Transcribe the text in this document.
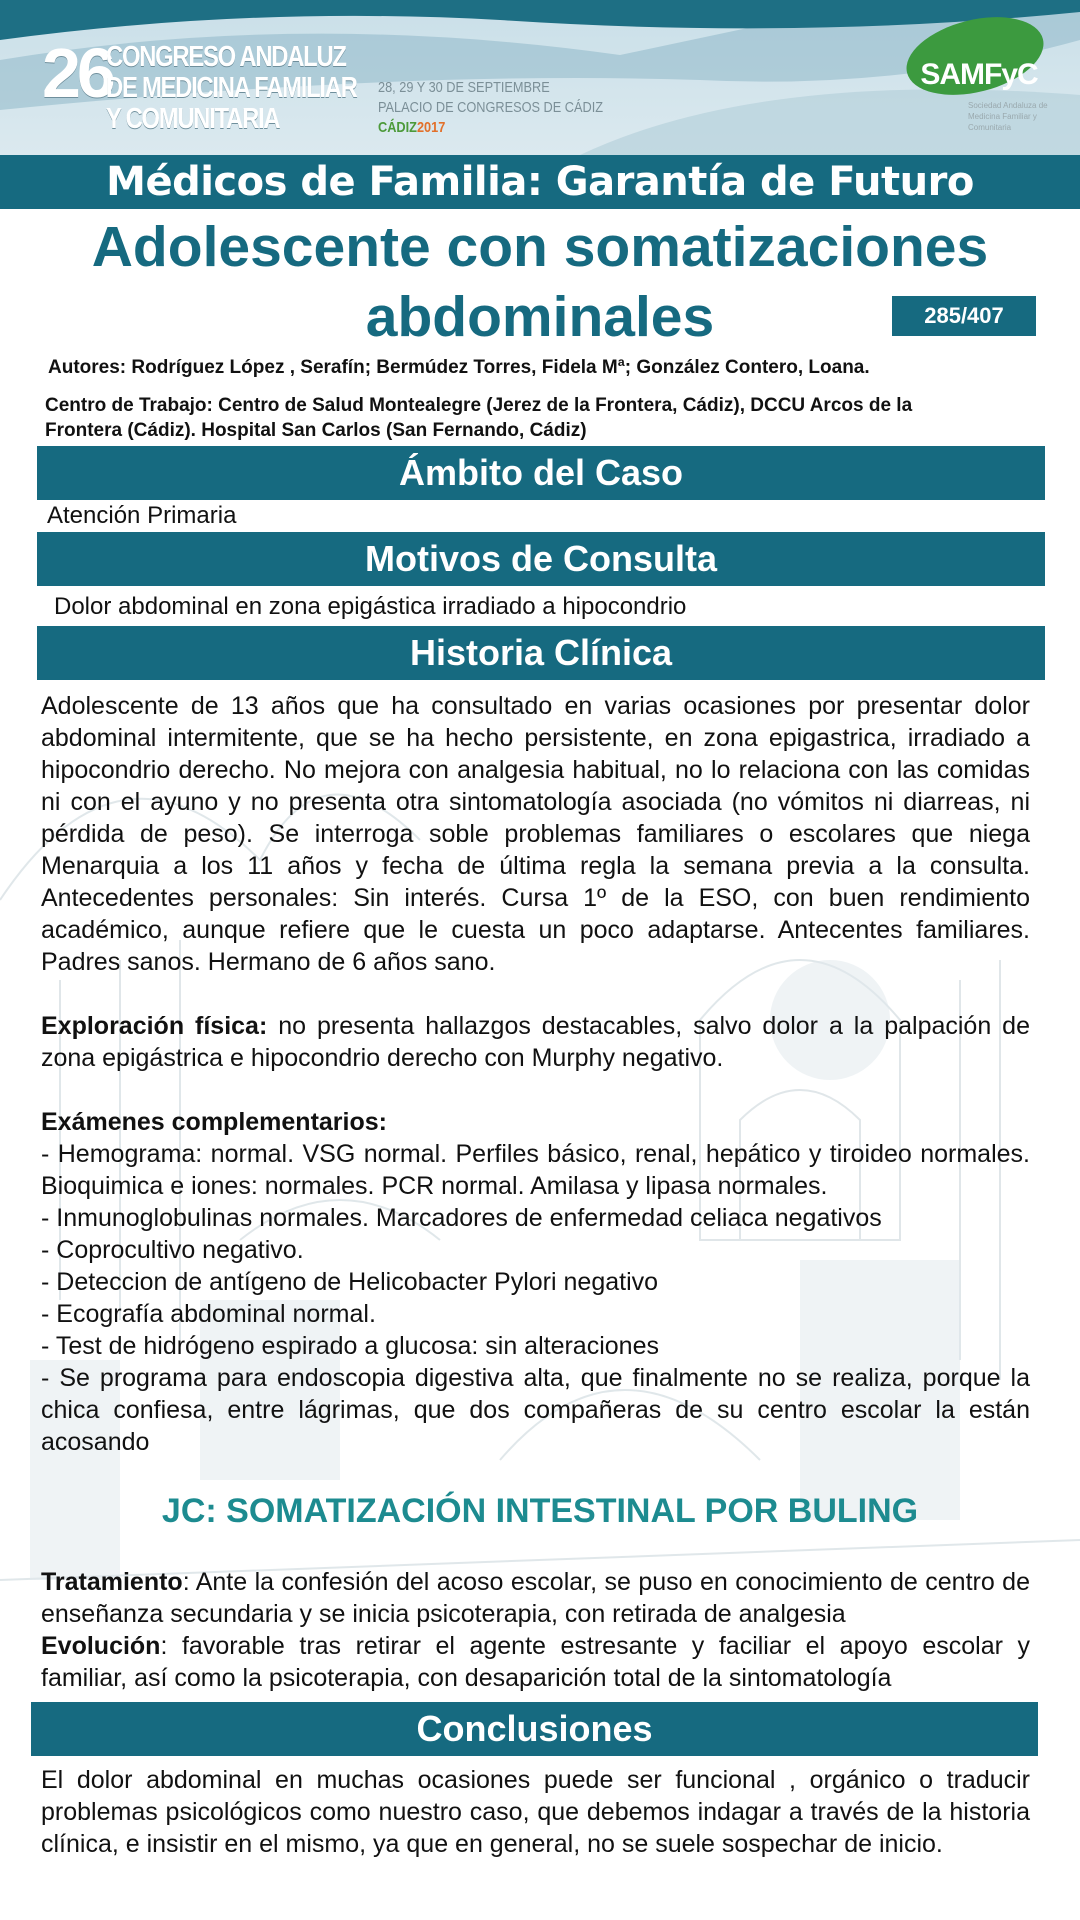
26
CONGRESO ANDALUZ
DE MEDICINA FAMILIAR
Y COMUNITARIA
28, 29 Y 30 DE SEPTIEMBRE
PALACIO DE CONGRESOS DE CÁDIZ
CÁDIZ2017
SAMFyC
Sociedad Andaluza de Medicina Familiar y Comunitaria
Médicos de Familia: Garantía de Futuro
Adolescente con somatizaciones
abdominales	285/407
Autores: Rodríguez López , Serafín; Bermúdez Torres, Fidela Mª; González Contero, Loana.
Centro de Trabajo: Centro de Salud Montealegre (Jerez de la Frontera, Cádiz), DCCU Arcos de la
Frontera (Cádiz). Hospital San Carlos (San Fernando, Cádiz)
Ámbito del Caso
Atención Primaria
Motivos de Consulta
Dolor abdominal en zona epigástica irradiado a hipocondrio
Historia Clínica

Adolescente de 13 años que ha consultado en varias ocasiones por presentar dolor abdominal intermitente, que se ha hecho persistente, en zona epigastrica, irradiado a hipocondrio derecho. No mejora con analgesia habitual, no lo relaciona con las comidas ni con el ayuno y no presenta otra sintomatología asociada (no vómitos ni diarreas, ni pérdida de peso). Se interroga soble problemas familiares o escolares que niega Menarquia a los 11 años y fecha de última regla la semana previa a la consulta. Antecedentes personales: Sin interés. Cursa 1º de la ESO, con buen rendimiento académico, aunque refiere que le cuesta un poco adaptarse. Antecentes familiares. Padres sanos. Hermano de 6 años sano.

Exploración física: no presenta hallazgos destacables, salvo dolor a la palpación de zona epigástrica e hipocondrio derecho con Murphy negativo.

Exámenes complementarios:

- Hemograma: normal. VSG normal. Perfiles básico, renal, hepático y tiroideo normales. Bioquimica e iones: normales. PCR normal. Amilasa y lipasa normales.

- Inmunoglobulinas normales. Marcadores de enfermedad celiaca negativos

- Coprocultivo negativo.

- Deteccion de antígeno de Helicobacter Pylori negativo

- Ecografía abdominal normal.

- Test de hidrógeno espirado a glucosa: sin alteraciones

- Se programa para endoscopia digestiva alta, que finalmente no se realiza, porque la chica confiesa, entre lágrimas, que dos compañeras de su centro escolar la están acosando

JC: SOMATIZACIÓN INTESTINAL POR BULING

Tratamiento: Ante la confesión del acoso escolar, se puso en conocimiento de centro de enseñanza secundaria y se inicia psicoterapia, con retirada de analgesia

Evolución: favorable tras retirar el agente estresante y faciliar el apoyo escolar y familiar, así como la psicoterapia, con desaparición total de la sintomatología

Conclusiones

El dolor abdominal en muchas ocasiones puede ser funcional , orgánico o traducir problemas psicológicos como nuestro caso, que debemos indagar a través de la historia clínica, e insistir en el mismo, ya que en general, no se suele sospechar de inicio.
